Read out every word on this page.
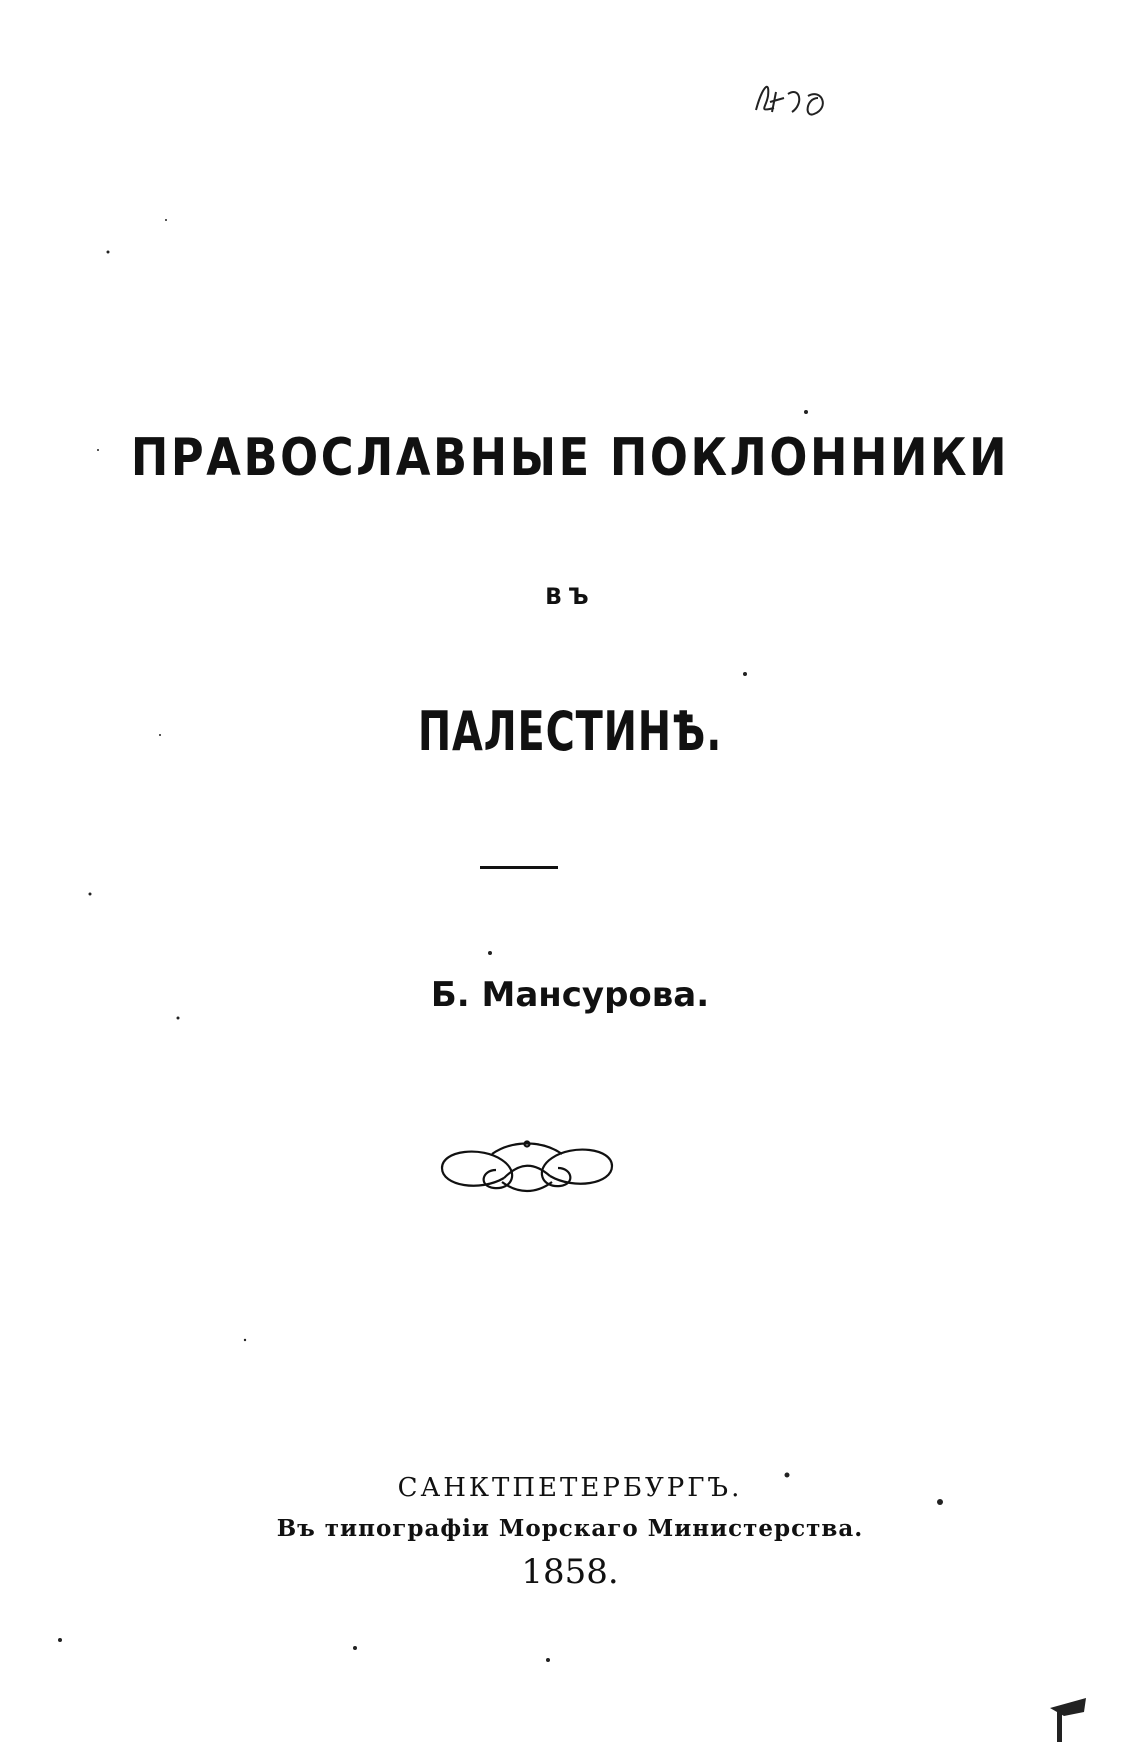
ПРАВОСЛАВНЫЕ ПОКЛОННИКИ
ВЪ
ПАЛЕСТИНѢ.
Б. Мансурова.
САНКТПЕТЕРБУРГЪ.
Въ типографіи Морскаго Министерства.
1858.
